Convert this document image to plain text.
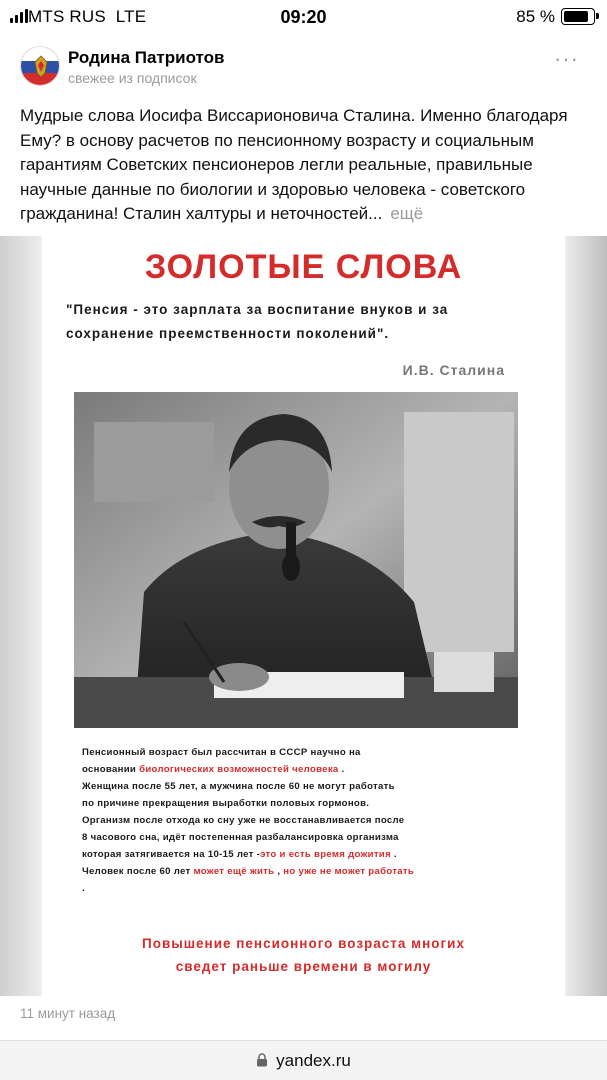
MTS RUS LTE	09:20	85 %
Родина Патриотов
свежее из подписок
···
Мудрые слова Иосифа Виссарионовича Сталина. Именно благодаря Ему? в основу расчетов по пенсионному возрасту и социальным гарантиям Советских пенсионеров легли реальные, правильные научные данные по биологии и здоровью человека - советского гражданина! Сталин халтуры и неточностей... ещё
ЗОЛОТЫЕ СЛОВА
"Пенсия - это зарплата за воспитание внуков и за сохранение преемственности поколений".
И.В. Сталина
Пенсионный возраст был рассчитан в СССР научно на
основании биологических возможностей человека .
Женщина после 55 лет, а мужчина после 60 не могут работать
по причине прекращения выработки половых гормонов.
Организм после отхода ко сну уже не восстанавливается после
8 часового сна, идёт постепенная разбалансировка организма
которая затягивается на 10-15 лет -это и есть время дожития .
Человек после 60 лет может ещё жить , но уже не может работать
.
Повышение пенсионного возраста многих
сведет раньше времени в могилу
11 минут назад
yandex.ru
